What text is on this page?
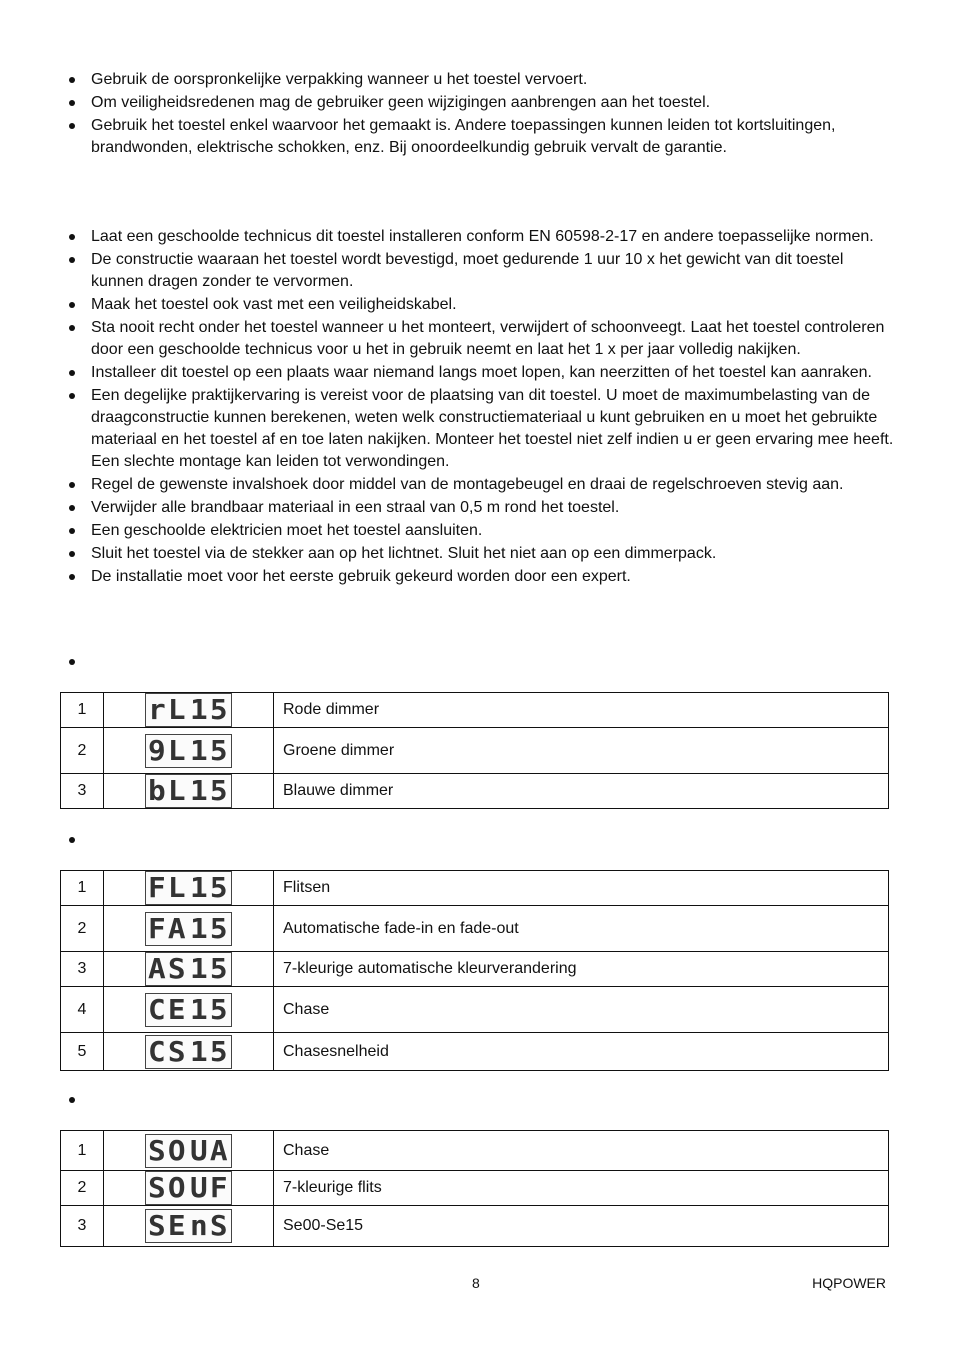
Gebruik de oorspronkelijke verpakking wanneer u het toestel vervoert.
Om veiligheidsredenen mag de gebruiker geen wijzigingen aanbrengen aan het toestel.
Gebruik het toestel enkel waarvoor het gemaakt is. Andere toepassingen kunnen leiden tot kortsluitingen, brandwonden, elektrische schokken, enz. Bij onoordeelkundig gebruik vervalt de garantie.
Laat een geschoolde technicus dit toestel installeren conform EN 60598-2-17 en andere toepasselijke normen.
De constructie waaraan het toestel wordt bevestigd, moet gedurende 1 uur 10 x het gewicht van dit toestel kunnen dragen zonder te vervormen.
Maak het toestel ook vast met een veiligheidskabel.
Sta nooit recht onder het toestel wanneer u het monteert, verwijdert of schoonveegt. Laat het toestel controleren door een geschoolde technicus voor u het in gebruik neemt en laat het 1 x per jaar volledig nakijken.
Installeer dit toestel op een plaats waar niemand langs moet lopen, kan neerzitten of het toestel kan aanraken.
Een degelijke praktijkervaring is vereist voor de plaatsing van dit toestel. U moet de maximumbelasting van de draagconstructie kunnen berekenen, weten welk constructiemateriaal u kunt gebruiken en u moet het gebruikte materiaal en het toestel af en toe laten nakijken. Monteer het toestel niet zelf indien u er geen ervaring mee heeft. Een slechte montage kan leiden tot verwondingen.
Regel de gewenste invalshoek door middel van de montagebeugel en draai de regelschroeven stevig aan.
Verwijder alle brandbaar materiaal in een straal van 0,5 m rond het toestel.
Een geschoolde elektricien moet het toestel aansluiten.
Sluit het toestel via de stekker aan op het lichtnet. Sluit het niet aan op een dimmerpack.
De installatie moet voor het eerste gebruik gekeurd worden door een expert.
1	rL 15	Rode dimmer
2	9L 15	Groene dimmer
3	bL 15	Blauwe dimmer
1	FL 15	Flitsen
2	FA 15	Automatische fade-in en fade-out
3	AS 15	7-kleurige automatische kleurverandering
4	CE 15	Chase
5	CS 15	Chasesnelheid
1	SO UA	Chase
2	SO UF	7-kleurige flits
3	SE nS	Se00-Se15
8	HQPOWER
